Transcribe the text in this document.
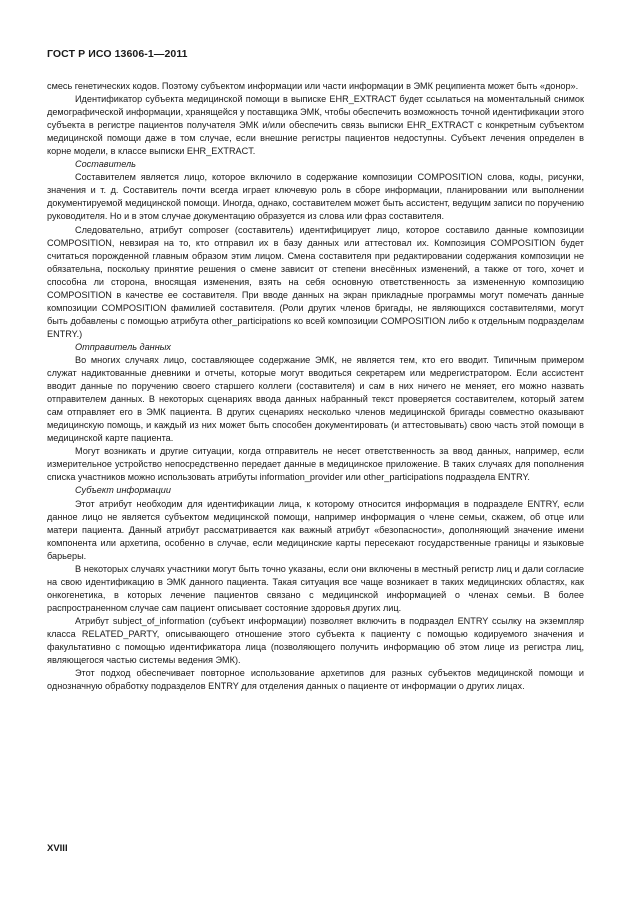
ГОСТ Р ИСО 13606-1—2011

смесь генетических кодов. Поэтому субъектом информации или части информации в ЭМК реципиента может быть «донор».

Идентификатор субъекта медицинской помощи в выписке EHR_EXTRACT будет ссылаться на моментальный снимок демографической информации, хранящейся у поставщика ЭМК, чтобы обеспечить возможность точной идентификации этого субъекта в регистре пациентов получателя ЭМК и/или обеспечить связь выписки EHR_EXTRACT с конкретным субъектом медицинской помощи даже в том случае, если внешние регистры пациентов недоступны. Субъект лечения определен в корне модели, в классе выписки EHR_EXTRACT.

Составитель

Составителем является лицо, которое включило в содержание композиции COMPOSITION слова, коды, рисунки, значения и т. д. Составитель почти всегда играет ключевую роль в сборе информации, планировании или выполнении документируемой медицинской помощи. Иногда, однако, составителем может быть ассистент, ведущим записи по поручению руководителя. Но и в этом случае документацию образуется из слова или фраз составителя.

Следовательно, атрибут composer (составитель) идентифицирует лицо, которое составило данные композиции COMPOSITION, невзирая на то, кто отправил их в базу данных или аттестовал их. Композиция COMPOSITION будет считаться порожденной главным образом этим лицом. Смена составителя при редактировании содержания композиции не обязательна, поскольку принятие решения о смене зависит от степени внесённых изменений, а также от того, хочет и способна ли сторона, вносящая изменения, взять на себя основную ответственность за измененную композицию COMPOSITION в качестве ее составителя. При вводе данных на экран прикладные программы могут помечать данные композиции COMPOSITION фамилией составителя. (Роли других членов бригады, не являющихся составителями, могут быть добавлены с помощью атрибута other_participations ко всей композиции COMPOSITION либо к отдельным подразделам ENTRY.)

Отправитель данных

Во многих случаях лицо, составляющее содержание ЭМК, не является тем, кто его вводит. Типичным примером служат надиктованные дневники и отчеты, которые могут вводиться секретарем или медрегистратором. Если ассистент вводит данные по поручению своего старшего коллеги (составителя) и сам в них ничего не меняет, его можно назвать отправителем данных. В некоторых сценариях ввода данных набранный текст проверяется составителем, который затем сам отправляет его в ЭМК пациента. В других сценариях несколько членов медицинской бригады совместно оказывают медицинскую помощь, и каждый из них может быть способен документировать (и аттестовывать) свою часть этой помощи в медицинской карте пациента.

Могут возникать и другие ситуации, когда отправитель не несет ответственность за ввод данных, например, если измерительное устройство непосредственно передает данные в медицинское приложение. В таких случаях для пополнения списка участников можно использовать атрибуты information_provider или other_participations подраздела ENTRY.

Субъект информации

Этот атрибут необходим для идентификации лица, к которому относится информация в подразделе ENTRY, если данное лицо не является субъектом медицинской помощи, например информация о члене семьи, скажем, об отце или матери пациента. Данный атрибут рассматривается как важный атрибут «безопасности», дополняющий значение имени компонента или архетипа, особенно в случае, если медицинские карты пересекают государственные границы и языковые барьеры.

В некоторых случаях участники могут быть точно указаны, если они включены в местный регистр лиц и дали согласие на свою идентификацию в ЭМК данного пациента. Такая ситуация все чаще возникает в таких медицинских областях, как онкогенетика, в которых лечение пациентов связано с медицинской информацией о членах семьи. В более распространенном случае сам пациент описывает состояние здоровья других лиц.

Атрибут subject_of_information (субъект информации) позволяет включить в подраздел ENTRY ссылку на экземпляр класса RELATED_PARTY, описывающего отношение этого субъекта к пациенту с помощью кодируемого значения и факультативно с помощью идентификатора лица (позволяющего получить информацию об этом лице из регистра лиц, являющегося частью системы ведения ЭМК).

Этот подход обеспечивает повторное использование архетипов для разных субъектов медицинской помощи и однозначную обработку подразделов ENTRY для отделения данных о пациенте от информации о других лицах.

XVIII
